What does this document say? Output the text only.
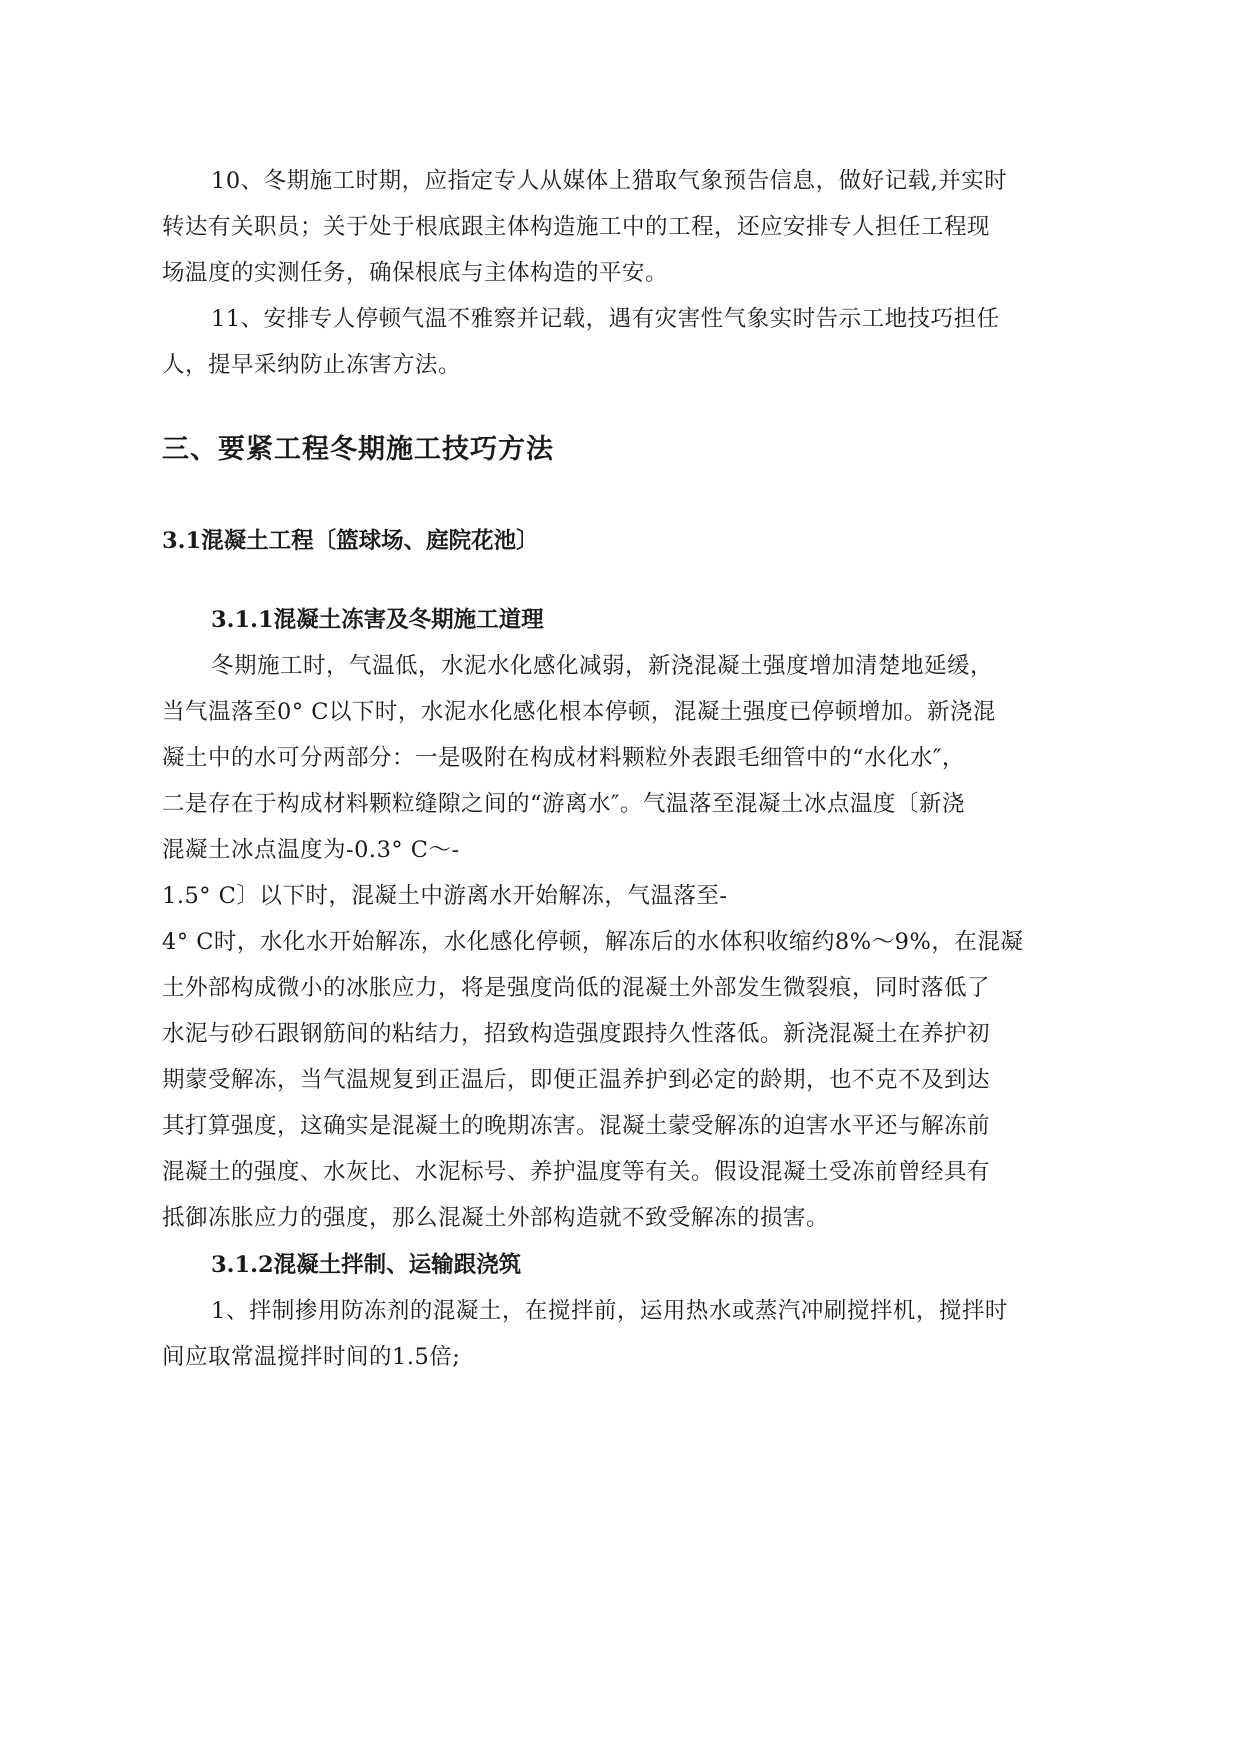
10、冬期施工时期，应指定专人从媒体上猎取气象预告信息，做好记载,并实时

转达有关职员；关于处于根底跟主体构造施工中的工程，还应安排专人担任工程现

场温度的实测任务，确保根底与主体构造的平安。

11、安排专人停顿气温不雅察并记载，遇有灾害性气象实时告示工地技巧担任

人，提早采纳防止冻害方法。

三、要紧工程冬期施工技巧方法
3.1混凝土工程〔篮球场、庭院花池〕
3.1.1混凝土冻害及冬期施工道理

冬期施工时，气温低，水泥水化感化减弱，新浇混凝土强度增加清楚地延缓，

当气温落至0° C以下时，水泥水化感化根本停顿，混凝土强度已停顿增加。新浇混

凝土中的水可分两部分：一是吸附在构成材料颗粒外表跟毛细管中的“水化水″，

二是存在于构成材料颗粒缝隙之间的“游离水″。气温落至混凝土冰点温度〔新浇

混凝土冰点温度为-0.3° C～-

1.5° C〕以下时，混凝土中游离水开始解冻，气温落至-

4° C时，水化水开始解冻，水化感化停顿，解冻后的水体积收缩约8%～9%，在混凝

土外部构成微小的冰胀应力，将是强度尚低的混凝土外部发生微裂痕，同时落低了

水泥与砂石跟钢筋间的粘结力，招致构造强度跟持久性落低。新浇混凝土在养护初

期蒙受解冻，当气温规复到正温后，即便正温养护到必定的龄期，也不克不及到达

其打算强度，这确实是混凝土的晚期冻害。混凝土蒙受解冻的迫害水平还与解冻前

混凝土的强度、水灰比、水泥标号、养护温度等有关。假设混凝土受冻前曾经具有

抵御冻胀应力的强度，那么混凝土外部构造就不致受解冻的损害。

3.1.2混凝土拌制、运输跟浇筑

1、拌制掺用防冻剂的混凝土，在搅拌前，运用热水或蒸汽冲刷搅拌机，搅拌时

间应取常温搅拌时间的1.5倍;
